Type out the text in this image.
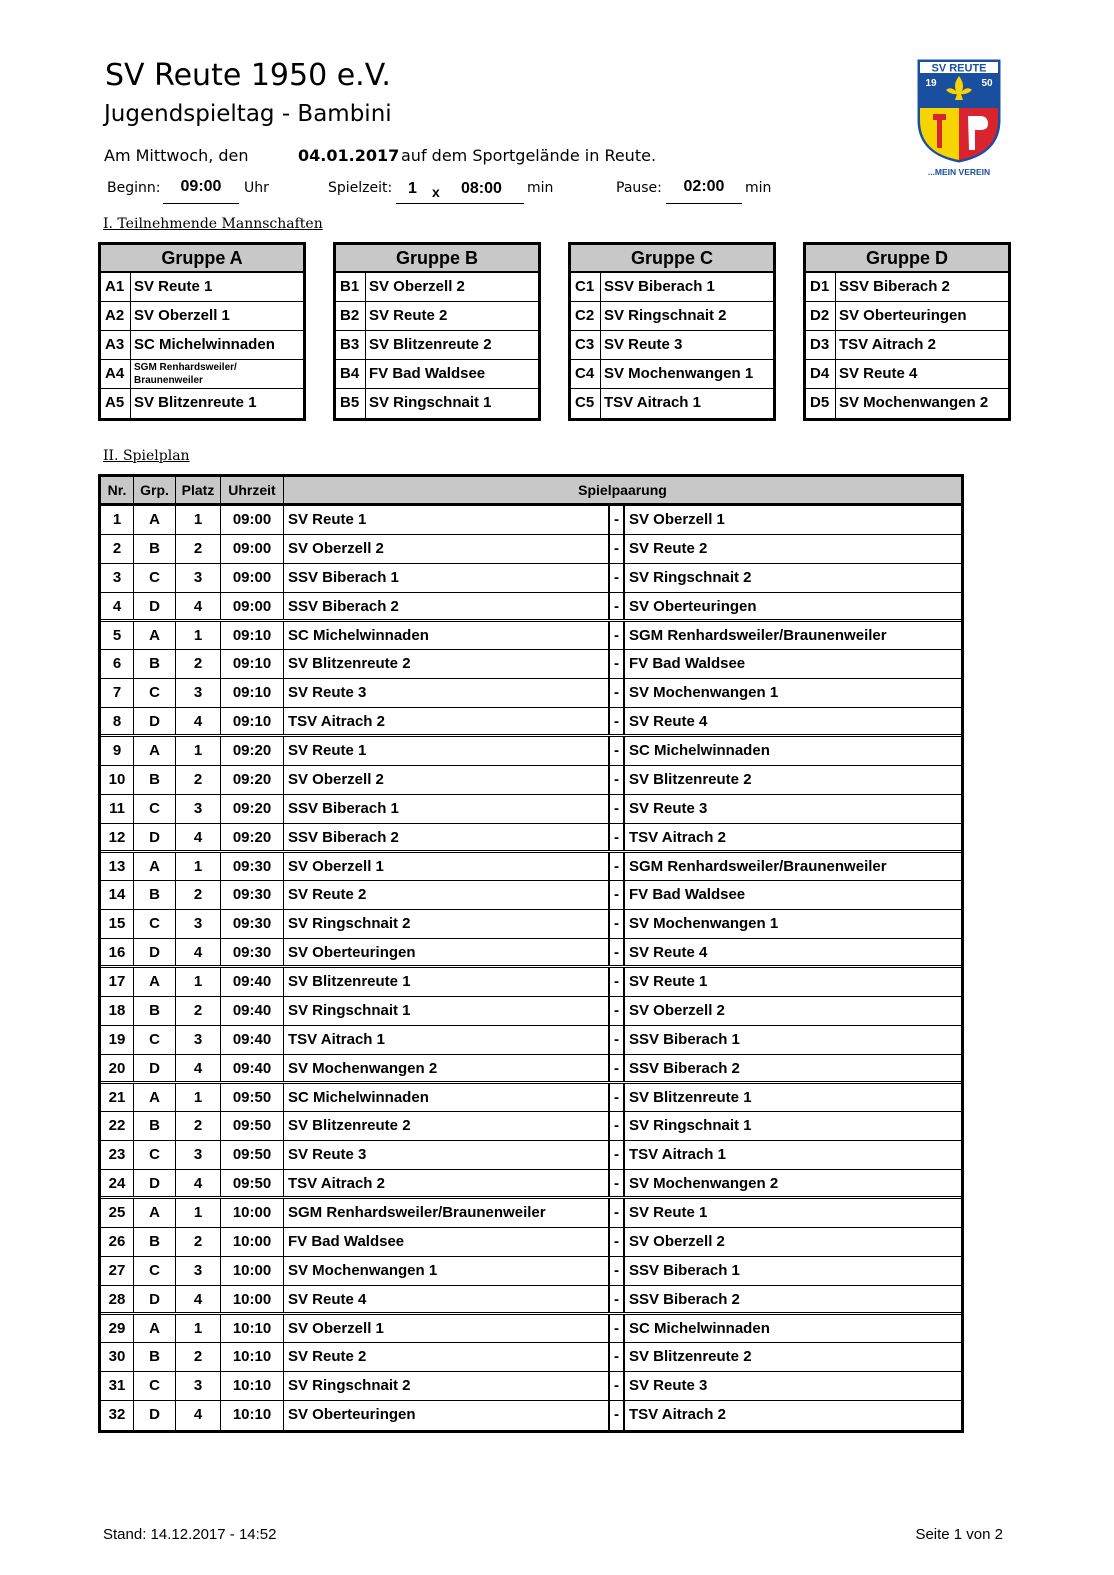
SV Reute 1950 e.V.
Jugendspieltag - Bambini
Am Mittwoch, den	04.01.2017 auf dem Sportgelände in Reute.
Beginn:	09:00	Uhr	Spielzeit: 1 x 08:00 min	Pause:	02:00	min
SV REUTE
19	50
...MEIN VEREIN
I. Teilnehmende Mannschaften
Gruppe A
A1 SV Reute 1
A2 SV Oberzell 1
A3 SC Michelwinnaden
A4 SGM Renhardsweiler/ Braunenweiler
A5 SV Blitzenreute 1
Gruppe B
B1 SV Oberzell 2
B2 SV Reute 2
B3 SV Blitzenreute 2
B4 FV Bad Waldsee
B5 SV Ringschnait 1
Gruppe C
C1 SSV Biberach 1
C2 SV Ringschnait 2
C3 SV Reute 3
C4 SV Mochenwangen 1
C5 TSV Aitrach 1
Gruppe D
D1 SSV Biberach 2
D2 SV Oberteuringen
D3 TSV Aitrach 2
D4 SV Reute 4
D5 SV Mochenwangen 2
II. Spielplan
Nr. Grp. Platz Uhrzeit	Spielpaarung
1	A	1	09:00	SV Reute 1	- SV Oberzell 1
2	B	2	09:00	SV Oberzell 2	- SV Reute 2
3	C	3	09:00	SSV Biberach 1	- SV Ringschnait 2
4	D	4	09:00	SSV Biberach 2	- SV Oberteuringen
5	A	1	09:10	SC Michelwinnaden	- SGM Renhardsweiler/Braunenweiler
6	B	2	09:10	SV Blitzenreute 2	- FV Bad Waldsee
7	C	3	09:10	SV Reute 3	- SV Mochenwangen 1
8	D	4	09:10	TSV Aitrach 2	- SV Reute 4
9	A	1	09:20	SV Reute 1	- SC Michelwinnaden
10	B	2	09:20	SV Oberzell 2	- SV Blitzenreute 2
11	C	3	09:20	SSV Biberach 1	- SV Reute 3
12	D	4	09:20	SSV Biberach 2	- TSV Aitrach 2
13	A	1	09:30	SV Oberzell 1	- SGM Renhardsweiler/Braunenweiler
14	B	2	09:30	SV Reute 2	- FV Bad Waldsee
15	C	3	09:30	SV Ringschnait 2	- SV Mochenwangen 1
16	D	4	09:30	SV Oberteuringen	- SV Reute 4
17	A	1	09:40	SV Blitzenreute 1	- SV Reute 1
18	B	2	09:40	SV Ringschnait 1	- SV Oberzell 2
19	C	3	09:40	TSV Aitrach 1	- SSV Biberach 1
20	D	4	09:40	SV Mochenwangen 2	- SSV Biberach 2
21	A	1	09:50	SC Michelwinnaden	- SV Blitzenreute 1
22	B	2	09:50	SV Blitzenreute 2	- SV Ringschnait 1
23	C	3	09:50	SV Reute 3	- TSV Aitrach 1
24	D	4	09:50	TSV Aitrach 2	- SV Mochenwangen 2
25	A	1	10:00	SGM Renhardsweiler/Braunenweiler	- SV Reute 1
26	B	2	10:00	FV Bad Waldsee	- SV Oberzell 2
27	C	3	10:00	SV Mochenwangen 1	- SSV Biberach 1
28	D	4	10:00	SV Reute 4	- SSV Biberach 2
29	A	1	10:10	SV Oberzell 1	- SC Michelwinnaden
30	B	2	10:10	SV Reute 2	- SV Blitzenreute 2
31	C	3	10:10	SV Ringschnait 2	- SV Reute 3
32	D	4	10:10	SV Oberteuringen	- TSV Aitrach 2
Stand: 14.12.2017 - 14:52	Seite 1 von 2
